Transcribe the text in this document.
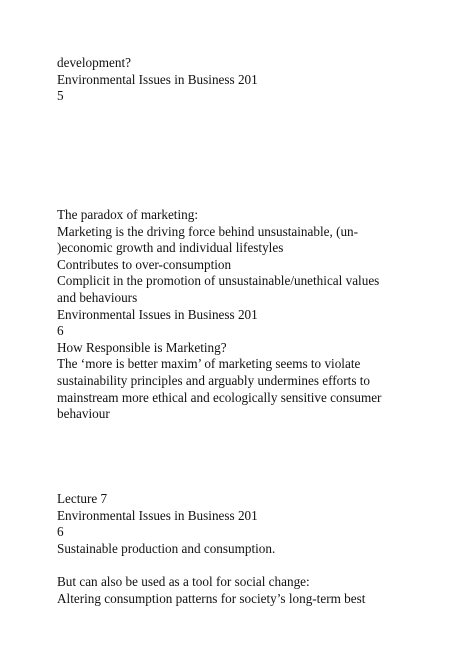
development?
Environmental Issues in Business 201
5
The paradox of marketing:
Marketing is the driving force behind unsustainable, (un-
)economic growth and individual lifestyles
Contributes to over-consumption
Complicit in the promotion of unsustainable/unethical values
and behaviours
Environmental Issues in Business 201
6
How Responsible is Marketing?
The ‘more is better maxim’ of marketing seems to violate
sustainability principles and arguably undermines efforts to
mainstream more ethical and ecologically sensitive consumer
behaviour
Lecture 7
Environmental Issues in Business 201
6
Sustainable production and consumption.
But can also be used as a tool for social change:
Altering consumption patterns for society’s long-term best
